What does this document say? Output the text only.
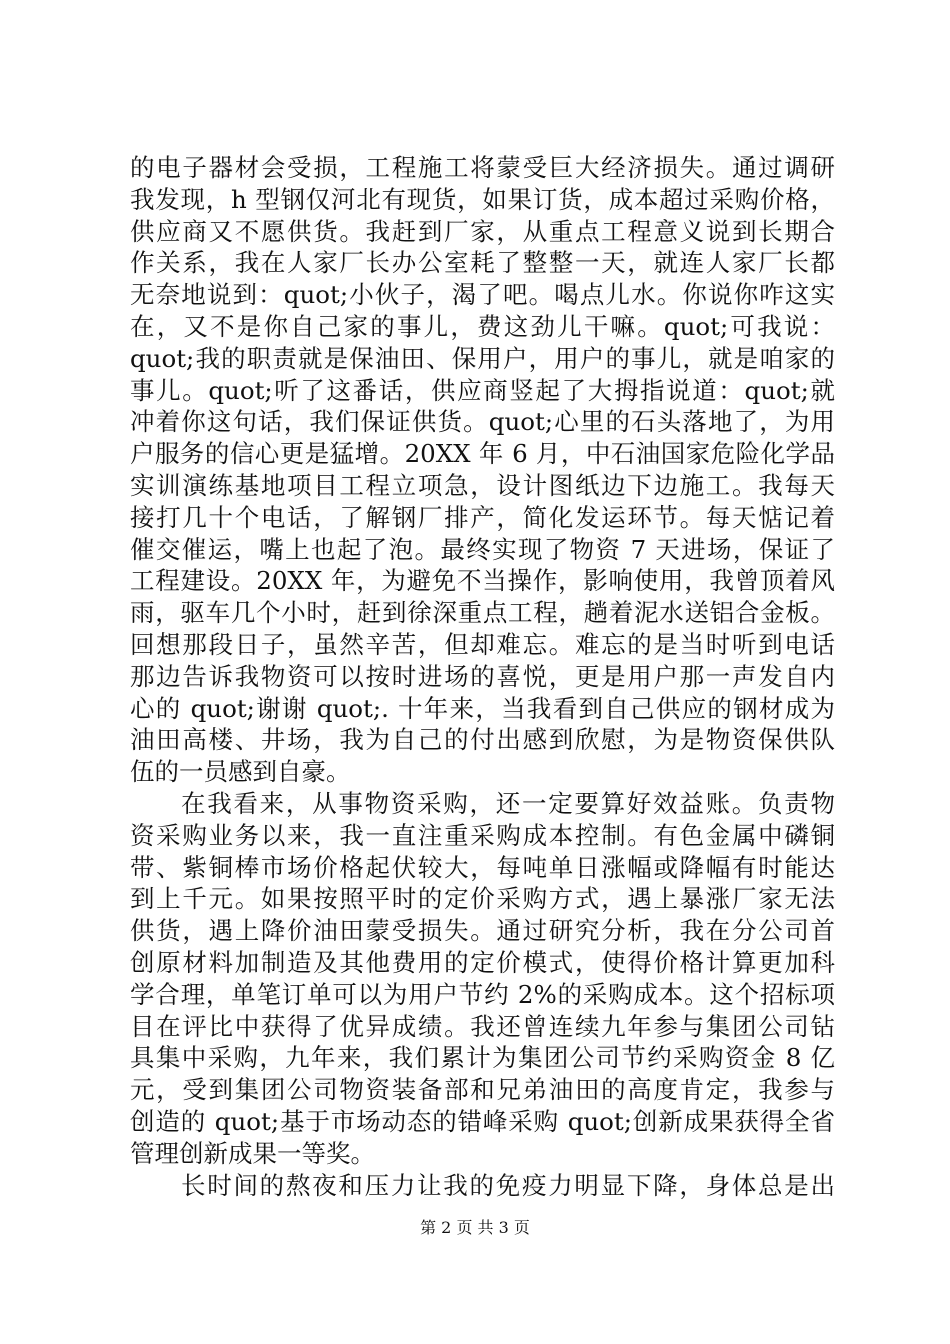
的电子器材会受损，工程施工将蒙受巨大经济损失。通过调研
我发现，h 型钢仅河北有现货，如果订货，成本超过采购价格，
供应商又不愿供货。我赶到厂家，从重点工程意义说到长期合
作关系，我在人家厂长办公室耗了整整一天，就连人家厂长都
无奈地说到：quot;小伙子，渴了吧。喝点儿水。你说你咋这实
在，又不是你自己家的事儿，费这劲儿干嘛。quot;可我说：
quot;我的职责就是保油田、保用户，用户的事儿，就是咱家的
事儿。quot;听了这番话，供应商竖起了大拇指说道：quot;就
冲着你这句话，我们保证供货。quot;心里的石头落地了，为用
户服务的信心更是猛增。20XX 年 6 月，中石油国家危险化学品
实训演练基地项目工程立项急，设计图纸边下边施工。我每天
接打几十个电话，了解钢厂排产，简化发运环节。每天惦记着
催交催运，嘴上也起了泡。最终实现了物资 7 天进场，保证了
工程建设。20XX 年，为避免不当操作，影响使用，我曾顶着风
雨，驱车几个小时，赶到徐深重点工程，趟着泥水送铝合金板。
回想那段日子，虽然辛苦，但却难忘。难忘的是当时听到电话
那边告诉我物资可以按时进场的喜悦，更是用户那一声发自内
心的 quot;谢谢 quot;. 十年来，当我看到自己供应的钢材成为
油田高楼、井场，我为自己的付出感到欣慰，为是物资保供队
伍的一员感到自豪。
在我看来，从事物资采购，还一定要算好效益账。负责物
资采购业务以来，我一直注重采购成本控制。有色金属中磷铜
带、紫铜棒市场价格起伏较大，每吨单日涨幅或降幅有时能达
到上千元。如果按照平时的定价采购方式，遇上暴涨厂家无法
供货，遇上降价油田蒙受损失。通过研究分析，我在分公司首
创原材料加制造及其他费用的定价模式，使得价格计算更加科
学合理，单笔订单可以为用户节约 2%的采购成本。这个招标项
目在评比中获得了优异成绩。我还曾连续九年参与集团公司钻
具集中采购，九年来，我们累计为集团公司节约采购资金 8 亿
元，受到集团公司物资装备部和兄弟油田的高度肯定，我参与
创造的 quot;基于市场动态的错峰采购 quot;创新成果获得全省
管理创新成果一等奖。
长时间的熬夜和压力让我的免疫力明显下降，身体总是出
第 2 页 共 3 页
